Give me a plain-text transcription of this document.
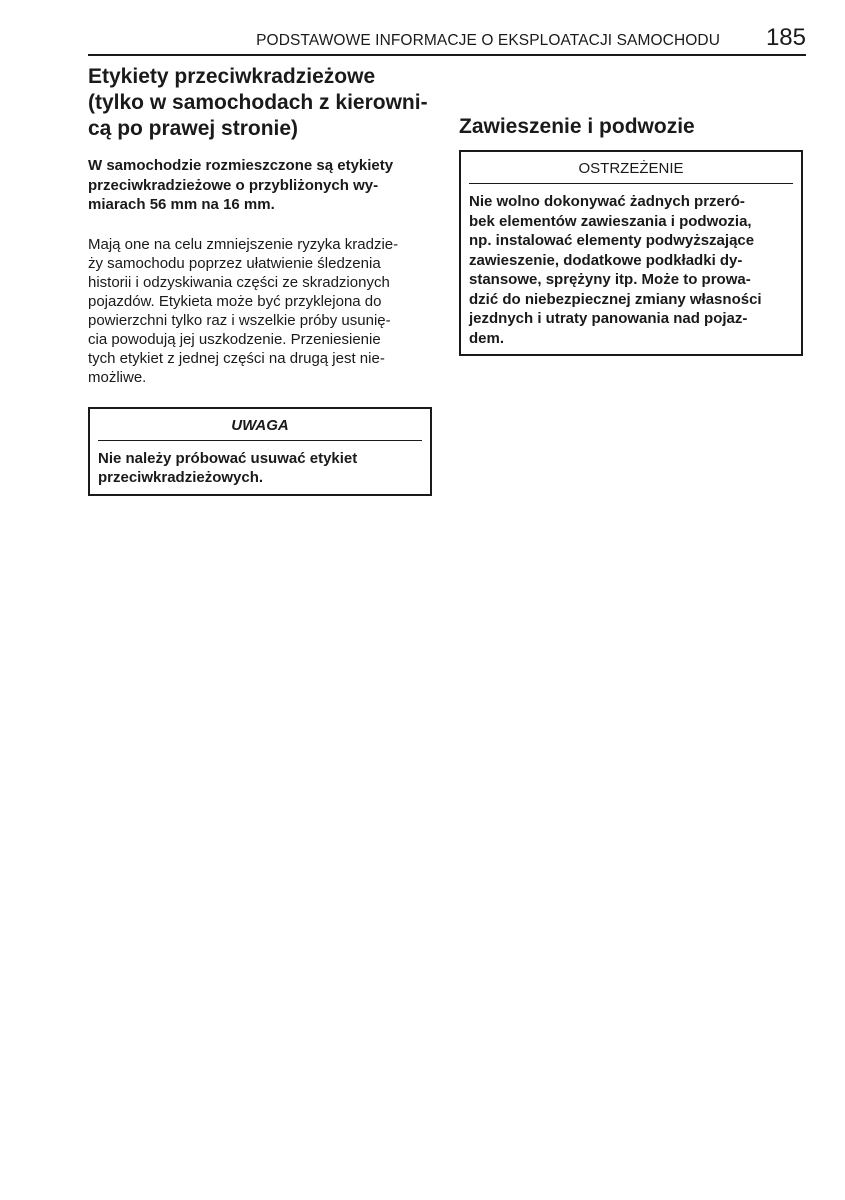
PODSTAWOWE INFORMACJE O EKSPLOATACJI SAMOCHODU 185
Etykiety przeciwkradzieżowe
(tylko w samochodach z kierowni-
cą po prawej stronie)

W samochodzie rozmieszczone są etykiety
przeciwkradzieżowe o przybliżonych wy-
miarach 56 mm na 16 mm.

Mają one na celu zmniejszenie ryzyka kradzie-
ży samochodu poprzez ułatwienie śledzenia
historii i odzyskiwania części ze skradzionych
pojazdów. Etykieta może być przyklejona do
powierzchni tylko raz i wszelkie próby usunię-
cia powodują jej uszkodzenie. Przeniesienie
tych etykiet z jednej części na drugą jest nie-
możliwe.

UWAGA

Nie należy próbować usuwać etykiet
przeciwkradzieżowych.

Zawieszenie i podwozie
OSTRZEŻENIE

Nie wolno dokonywać żadnych przeró-
bek elementów zawieszania i podwozia,
np. instalować elementy podwyższające
zawieszenie, dodatkowe podkładki dy-
stansowe, sprężyny itp. Może to prowa-
dzić do niebezpiecznej zmiany własności
jezdnych i utraty panowania nad pojaz-
dem.
